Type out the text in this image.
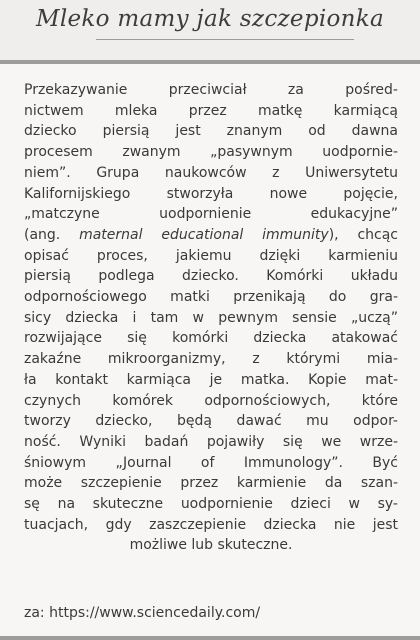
Mleko mamy jak szczepionka
Przekazywanie przeciwciał za pośred-
nictwem mleka przez matkę karmiącą
dziecko piersią jest znanym od dawna
procesem zwanym „pasywnym uodpornie-
niem”. Grupa naukowców z Uniwersytetu
Kalifornijskiego stworzyła nowe pojęcie,
„matczyne uodpornienie edukacyjne”
(ang. maternal educational immunity), chcąc
opisać proces, jakiemu dzięki karmieniu
piersią podlega dziecko. Komórki układu
odpornościowego matki przenikają do gra-
sicy dziecka i tam w pewnym sensie „uczą”
rozwijające się komórki dziecka atakować
zakaźne mikroorganizmy, z którymi mia-
ła kontakt karmiąca je matka. Kopie mat-
czynych komórek odpornościowych, które
tworzy dziecko, będą dawać mu odpor-
ność. Wyniki badań pojawiły się we wrze-
śniowym „Journal of Immunology”. Być
może szczepienie przez karmienie da szan-
sę na skuteczne uodpornienie dzieci w sy-
tuacjach, gdy zaszczepienie dziecka nie jest
możliwe lub skuteczne.
za: https://www.sciencedaily.com/
